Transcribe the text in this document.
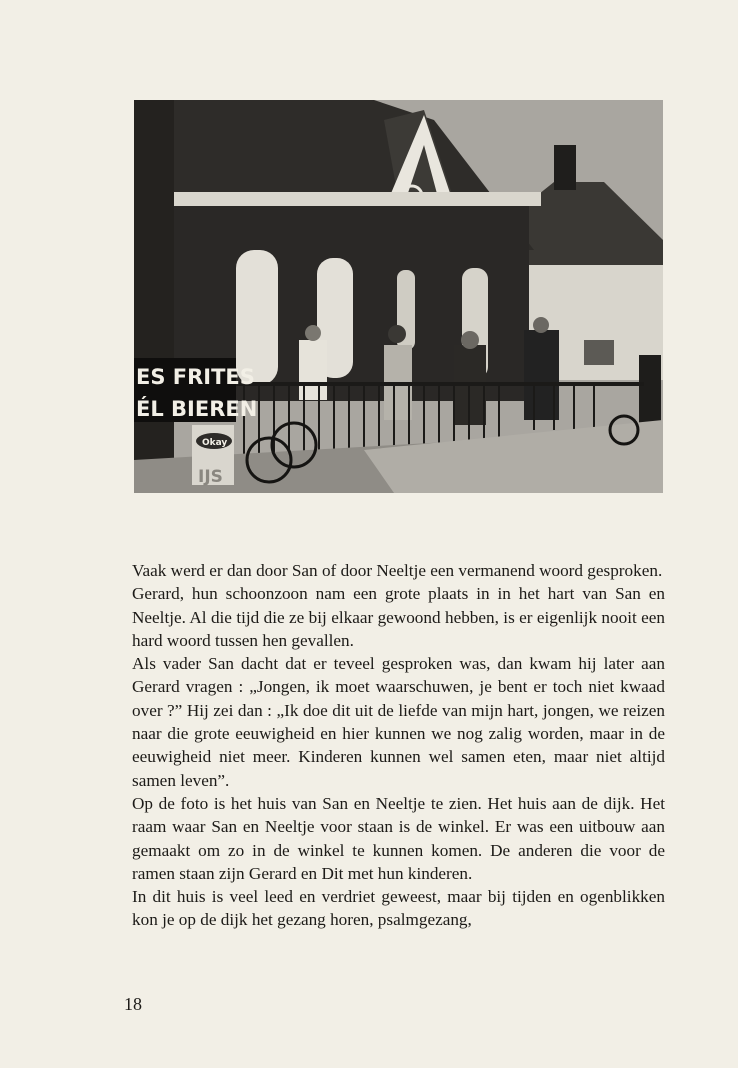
ES FRITES
ÉL BIEREN
Okay
IJS

Vaak werd er dan door San of door Neeltje een vermanend woord gesproken.

Gerard, hun schoonzoon nam een grote plaats in in het hart van San en Neeltje. Al die tijd die ze bij elkaar gewoond hebben, is er eigenlijk nooit een hard woord tussen hen gevallen.

Als vader San dacht dat er teveel gesproken was, dan kwam hij later aan Gerard vragen : „Jongen, ik moet waarschuwen, je bent er toch niet kwaad over ?” Hij zei dan : „Ik doe dit uit de liefde van mijn hart, jongen, we reizen naar die grote eeuwigheid en hier kunnen we nog zalig worden, maar in de eeuwigheid niet meer. Kinderen kunnen wel samen eten, maar niet altijd samen leven”.

Op de foto is het huis van San en Neeltje te zien. Het huis aan de dijk. Het raam waar San en Neeltje voor staan is de winkel. Er was een uitbouw aan gemaakt om zo in de winkel te kunnen komen. De anderen die voor de ramen staan zijn Gerard en Dit met hun kinderen.

In dit huis is veel leed en verdriet geweest, maar bij tijden en ogenblikken kon je op de dijk het gezang horen, psalmgezang,

18
